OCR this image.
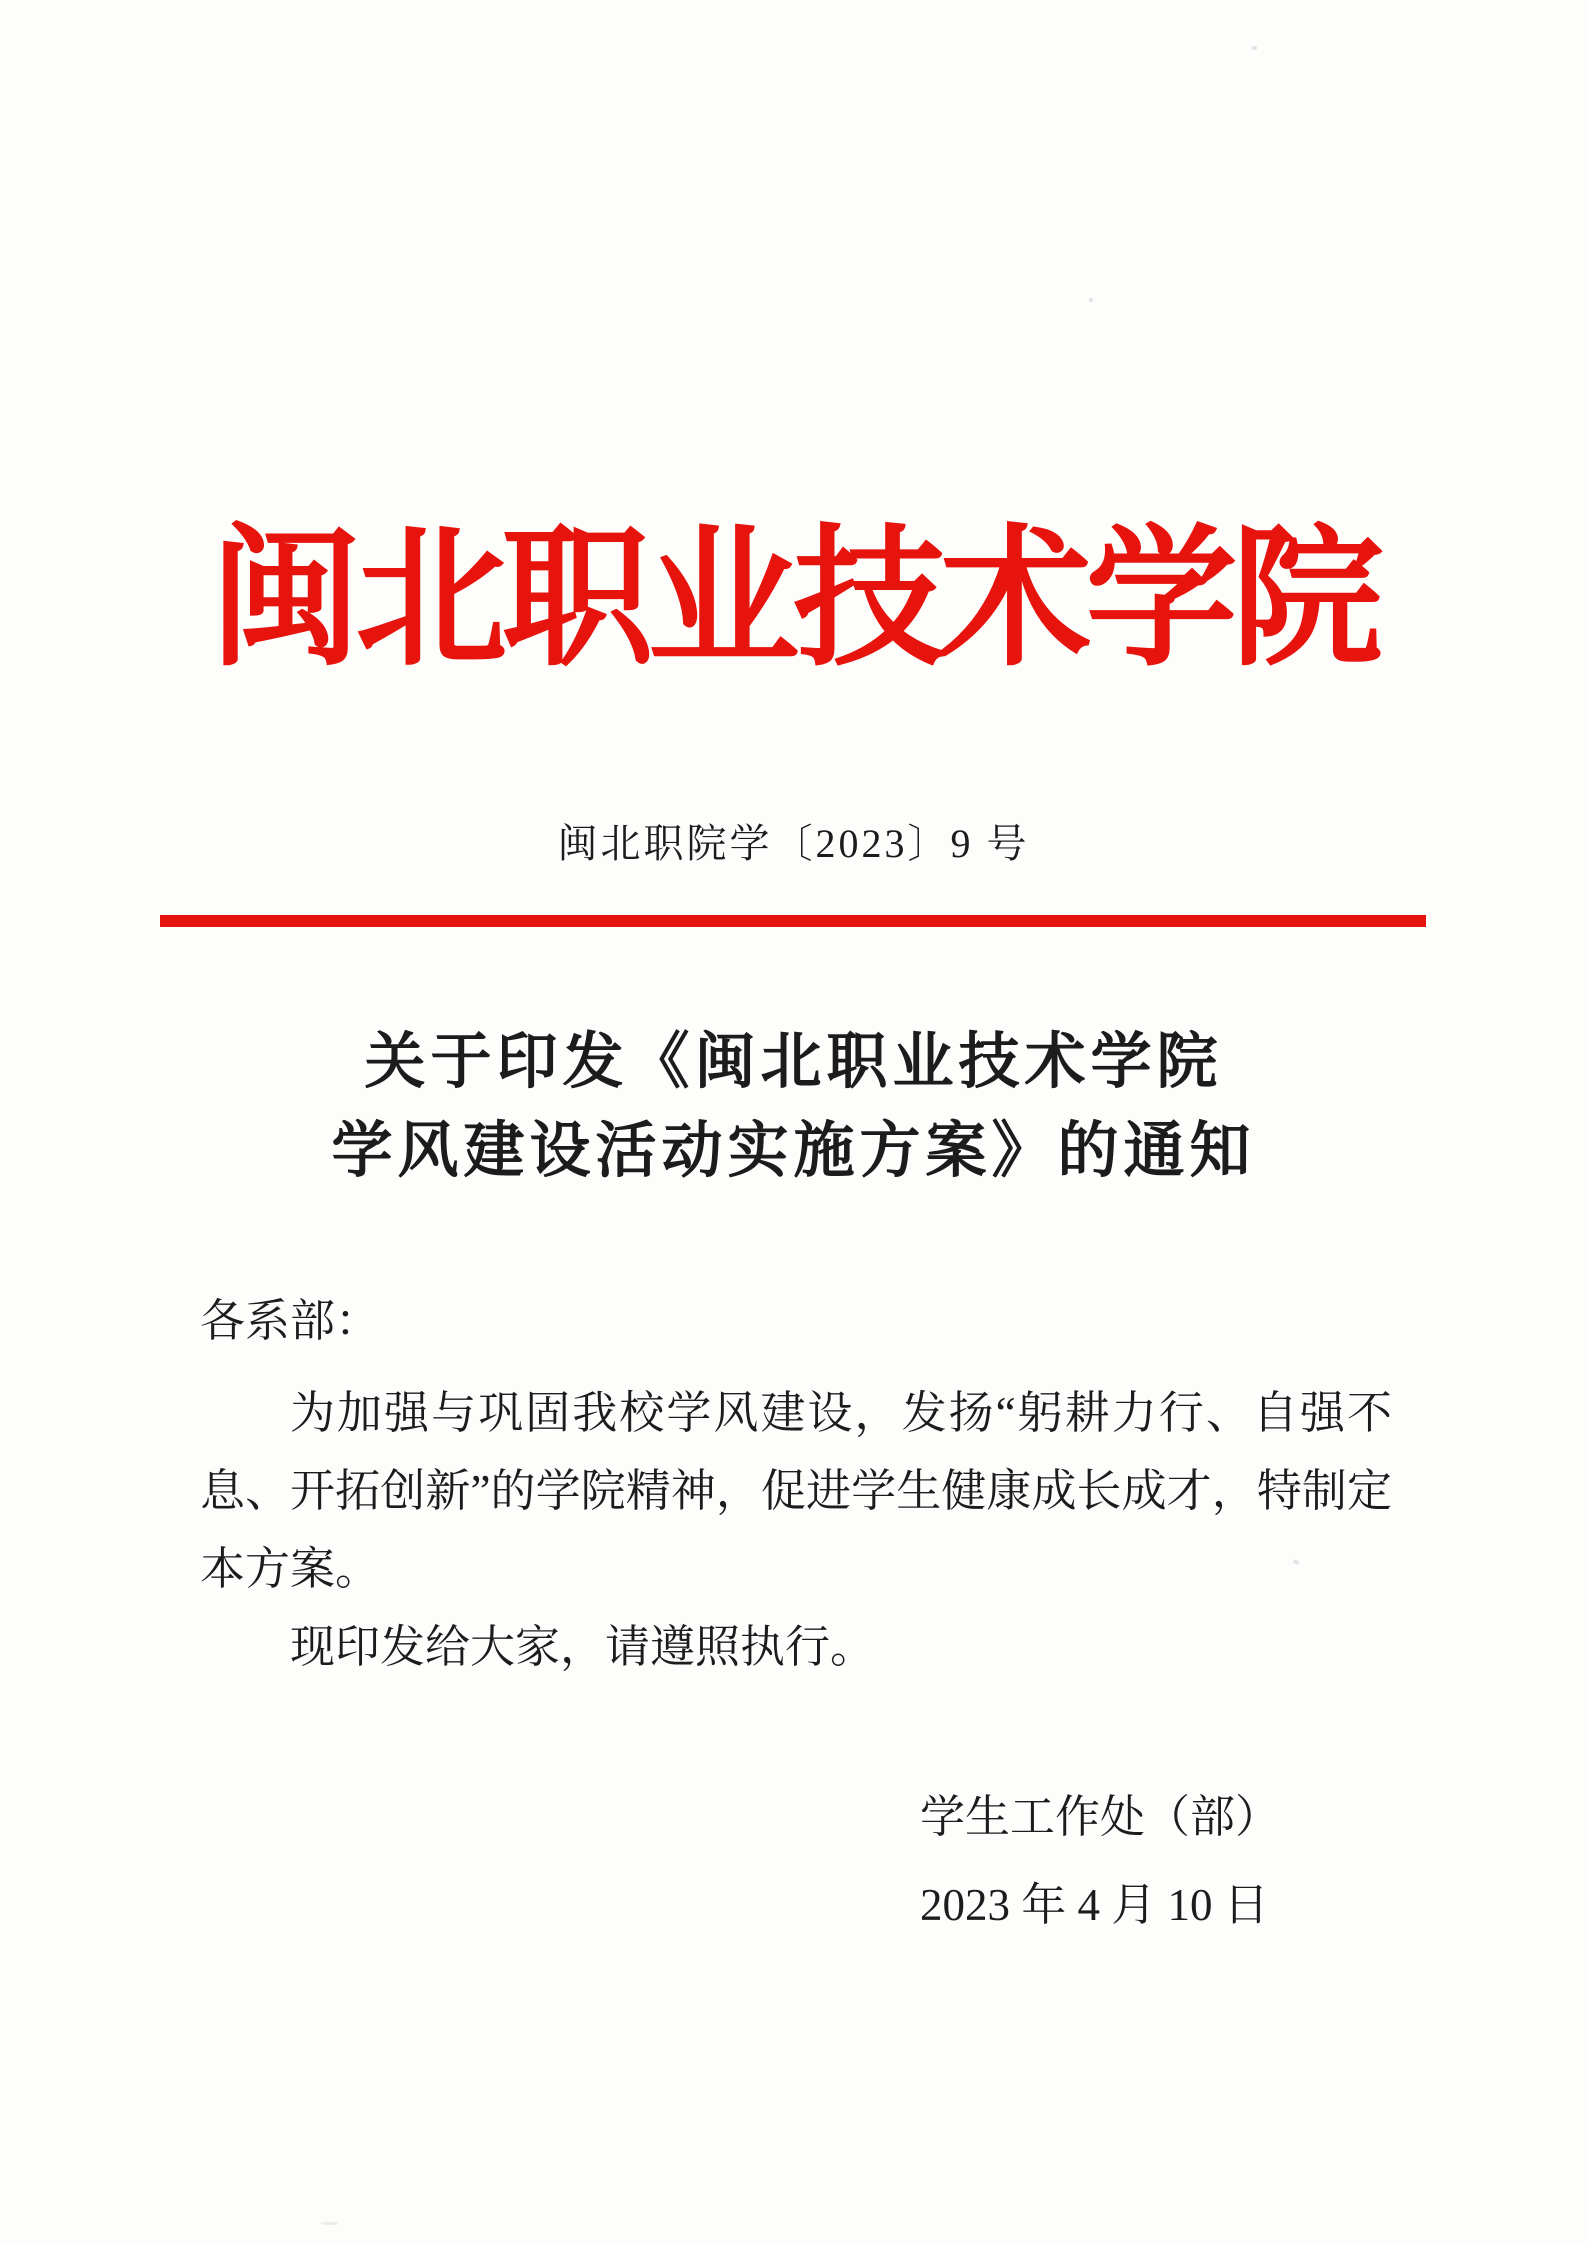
闽北职业技术学院
闽北职院学〔2023〕9 号
关于印发《闽北职业技术学院
学风建设活动实施方案》的通知
各系部：

为加强与巩固我校学风建设，发扬“躬耕力行、自强不息、开拓创新”的学院精神，促进学生健康成长成才，特制定本方案。

现印发给大家，请遵照执行。

学生工作处（部）
2023 年 4 月 10 日
